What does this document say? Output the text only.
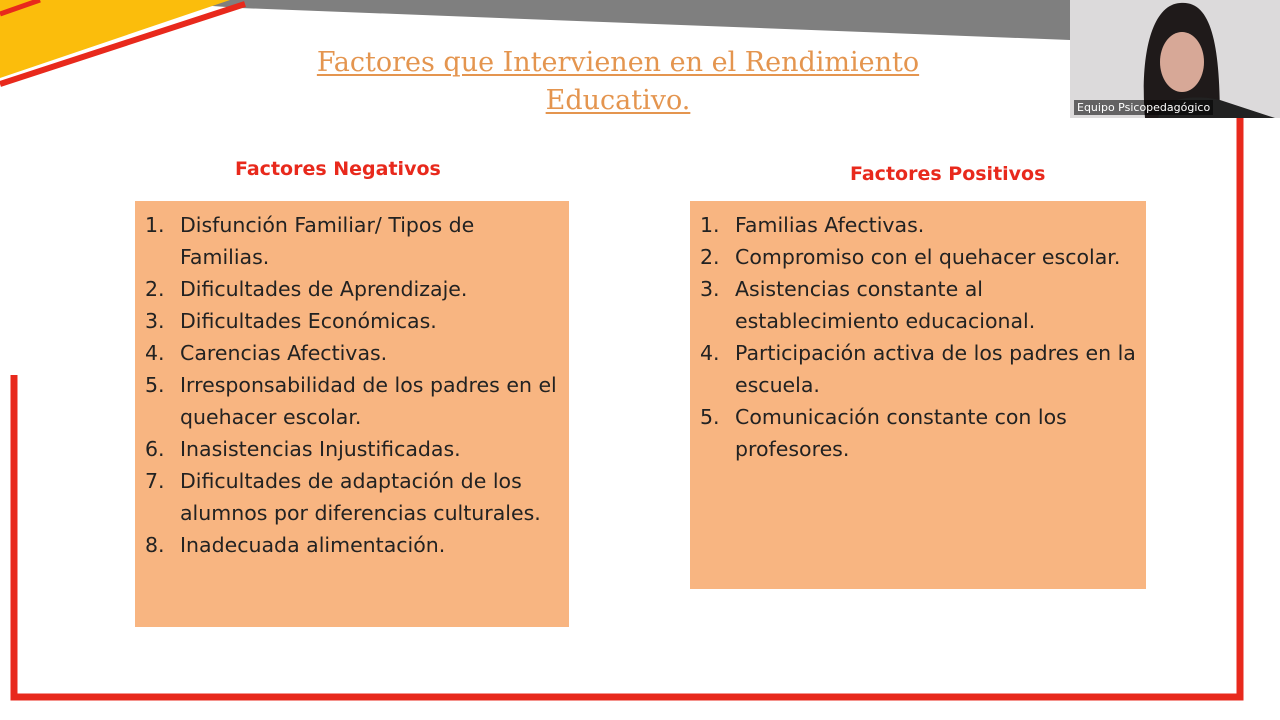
Factores que Intervienen en el Rendimiento Educativo.
Factores Negativos	Factores Positivos
1. Disfunción Familiar/ Tipos de Familias.
2. Dificultades de Aprendizaje.
3. Dificultades Económicas.
4. Carencias Afectivas.
5. Irresponsabilidad de los padres en el quehacer escolar.
6. Inasistencias Injustificadas.
7. Dificultades de adaptación de los alumnos por diferencias culturales.
8. Inadecuada alimentación.
1. Familias Afectivas.
2. Compromiso con el quehacer escolar.
3. Asistencias constante al establecimiento educacional.
4. Participación activa de los padres en la escuela.
5. Comunicación constante con los profesores.
Equipo Psicopedagógico
